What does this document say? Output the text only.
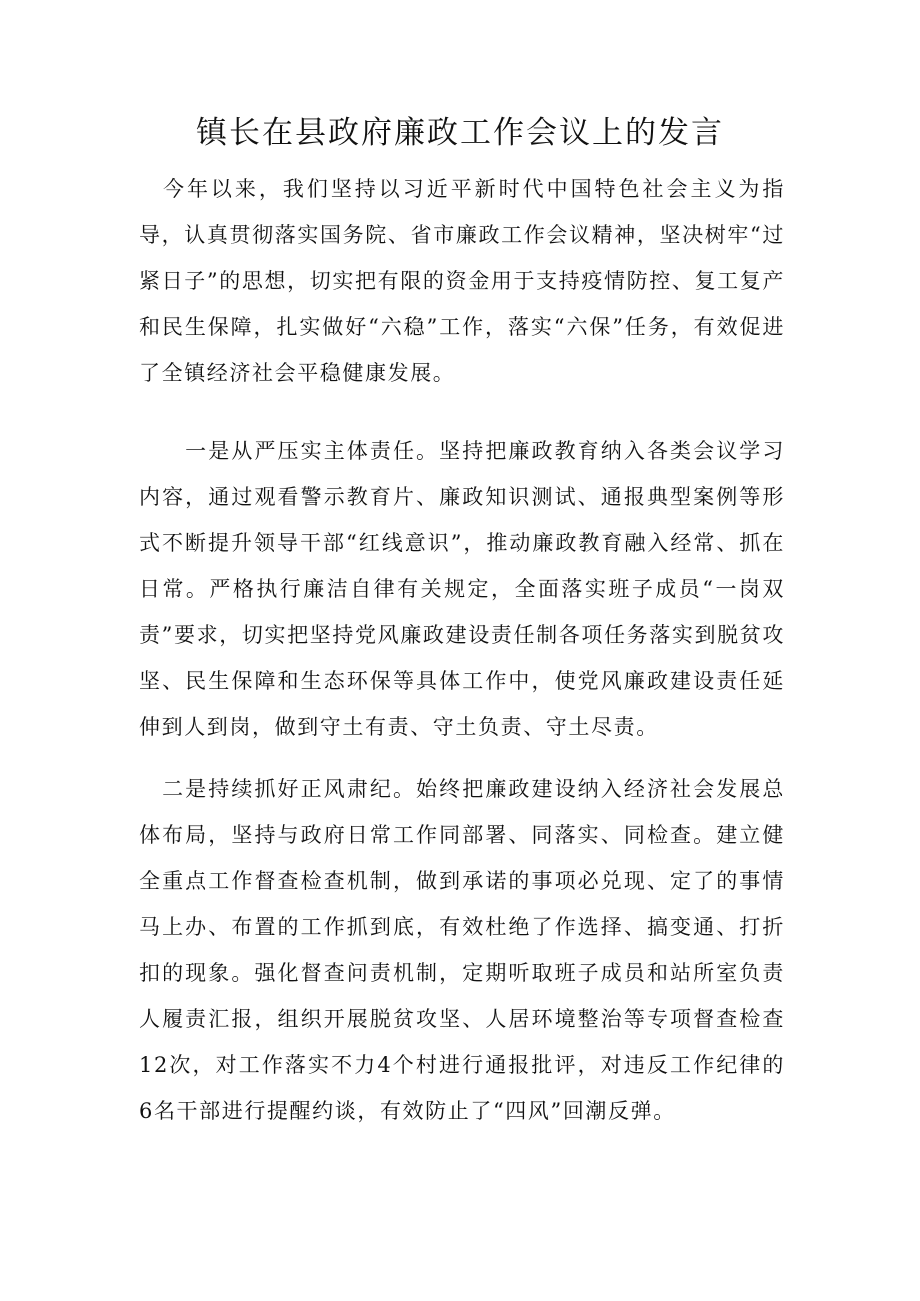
镇长在县政府廉政工作会议上的发言

　今年以来，我们坚持以习近平新时代中国特色社会主义为指导，认真贯彻落实国务院、省市廉政工作会议精神，坚决树牢“过紧日子”的思想，切实把有限的资金用于支持疫情防控、复工复产和民生保障，扎实做好“六稳”工作，落实“六保”任务，有效促进了全镇经济社会平稳健康发展。

　　一是从严压实主体责任。坚持把廉政教育纳入各类会议学习内容，通过观看警示教育片、廉政知识测试、通报典型案例等形式不断提升领导干部“红线意识”，推动廉政教育融入经常、抓在日常。严格执行廉洁自律有关规定，全面落实班子成员“一岗双责”要求，切实把坚持党风廉政建设责任制各项任务落实到脱贫攻坚、民生保障和生态环保等具体工作中，使党风廉政建设责任延伸到人到岗，做到守土有责、守土负责、守土尽责。

　二是持续抓好正风肃纪。始终把廉政建设纳入经济社会发展总体布局，坚持与政府日常工作同部署、同落实、同检查。建立健全重点工作督查检查机制，做到承诺的事项必兑现、定了的事情马上办、布置的工作抓到底，有效杜绝了作选择、搞变通、打折扣的现象。强化督查问责机制，定期听取班子成员和站所室负责人履责汇报，组织开展脱贫攻坚、人居环境整治等专项督查检查12次，对工作落实不力4个村进行通报批评，对违反工作纪律的6名干部进行提醒约谈，有效防止了“四风”回潮反弹。
